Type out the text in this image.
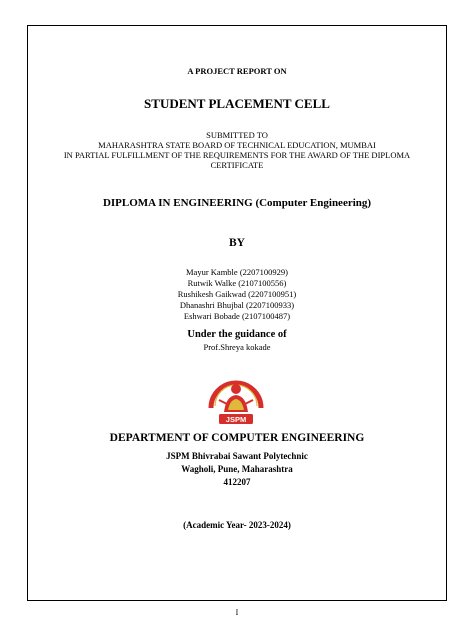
A PROJECT REPORT ON
STUDENT PLACEMENT CELL
SUBMITTED TO
MAHARASHTRA STATE BOARD OF TECHNICAL EDUCATION, MUMBAI
IN PARTIAL FULFILLMENT OF THE REQUIREMENTS FOR THE AWARD OF THE DIPLOMA
CERTIFICATE
DIPLOMA IN ENGINEERING (Computer Engineering)
BY
Mayur Kamble (2207100929)
Rutwik Walke (2107100556)
Rushikesh Gaikwad (2207100951)
Dhanashri Bhujbal (2207100933)
Eshwari Bobade (2107100487)
Under the guidance of
Prof.Shreya kokade
JSPM
DEPARTMENT OF COMPUTER ENGINEERING
JSPM Bhivrabai Sawant Polytechnic
Wagholi, Pune, Maharashtra
412207
(Academic Year- 2023-2024)
I
